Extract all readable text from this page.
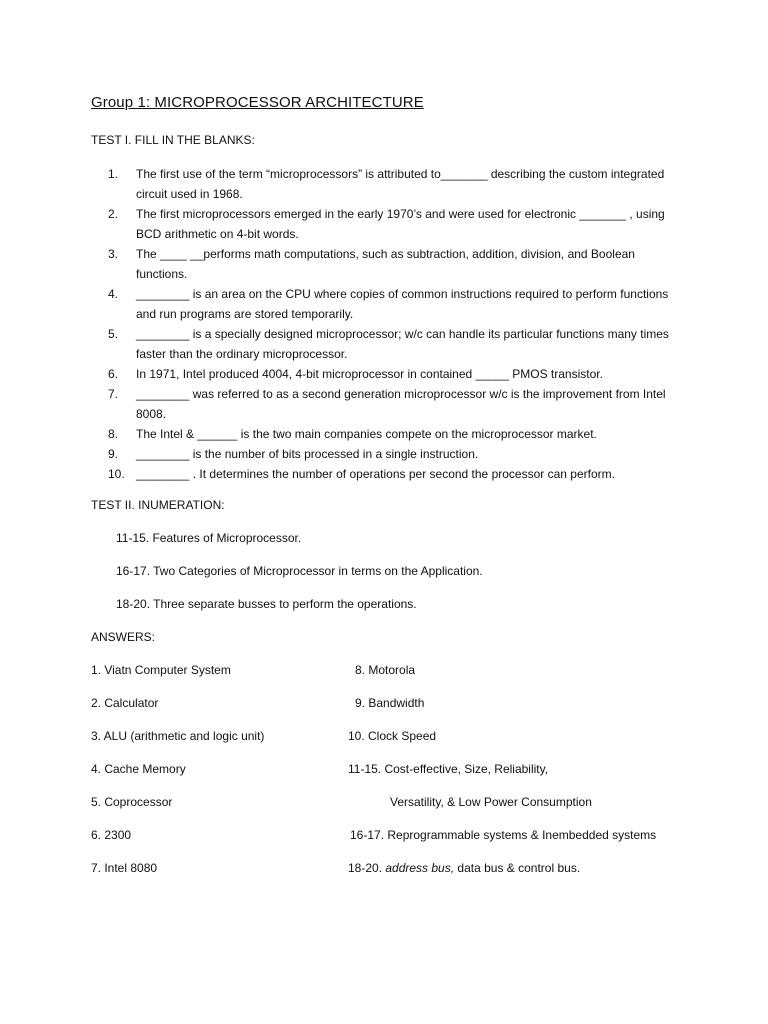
Group 1: MICROPROCESSOR ARCHITECTURE

TEST I. FILL IN THE BLANKS:

1.	The first use of the term “microprocessors” is attributed to_______ describing the custom integrated circuit used in 1968.
2.	The first microprocessors emerged in the early 1970’s and were used for electronic _______ , using BCD arithmetic on 4-bit words.
3.	The ____ __performs math computations, such as subtraction, addition, division, and Boolean functions.
4.	________ is an area on the CPU where copies of common instructions required to perform functions and run programs are stored temporarily.
5.	________ is a specially designed microprocessor; w/c can handle its particular functions many times faster than the ordinary microprocessor.
6.	In 1971, Intel produced 4004, 4-bit microprocessor in contained _____ PMOS transistor.
7.	________ was referred to as a second generation microprocessor w/c is the improvement from Intel 8008.
8.	The Intel & ______ is the two main companies compete on the microprocessor market.
9.	________ is the number of bits processed in a single instruction.
10. ________ . It determines the number of operations per second the processor can perform.

TEST II. INUMERATION:

11-15. Features of Microprocessor.

16-17. Two Categories of Microprocessor in terms on the Application.

18-20. Three separate busses to perform the operations.

ANSWERS:

1. Viatn Computer System

2. Calculator

3. ALU (arithmetic and logic unit)

4. Cache Memory

5. Coprocessor

6. 2300

7. Intel 8080

8. Motorola

9. Bandwidth

10. Clock Speed

11-15. Cost-effective, Size, Reliability,

Versatility, & Low Power Consumption

16-17. Reprogrammable systems & Inembedded systems

18-20. address bus, data bus & control bus.
